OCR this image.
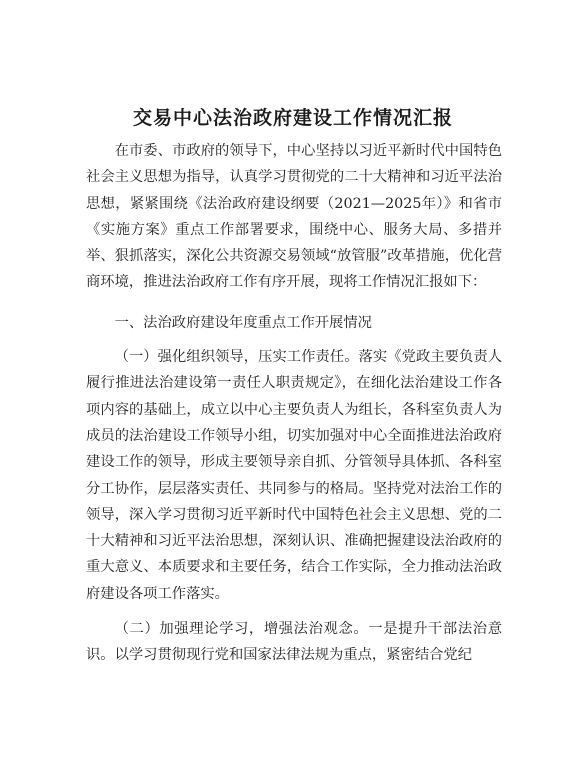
交易中心法治政府建设工作情况汇报

在市委、市政府的领导下，中心坚持以习近平新时代中国特色社会主义思想为指导，认真学习贯彻党的二十大精神和习近平法治思想，紧紧围绕《法治政府建设纲要（2021—2025年）》和省市《实施方案》重点工作部署要求，围绕中心、服务大局、多措并举、狠抓落实，深化公共资源交易领域“放管服”改革措施，优化营商环境，推进法治政府工作有序开展，现将工作情况汇报如下：

一、法治政府建设年度重点工作开展情况

（一）强化组织领导，压实工作责任。落实《党政主要负责人履行推进法治建设第一责任人职责规定》，在细化法治建设工作各项内容的基础上，成立以中心主要负责人为组长，各科室负责人为成员的法治建设工作领导小组，切实加强对中心全面推进法治政府建设工作的领导，形成主要领导亲自抓、分管领导具体抓、各科室分工协作，层层落实责任、共同参与的格局。坚持党对法治工作的领导，深入学习贯彻习近平新时代中国特色社会主义思想、党的二十大精神和习近平法治思想，深刻认识、准确把握建设法治政府的重大意义、本质要求和主要任务，结合工作实际，全力推动法治政府建设各项工作落实。

（二）加强理论学习，增强法治观念。一是提升干部法治意识。以学习贯彻现行党和国家法律法规为重点，紧密结合党纪
